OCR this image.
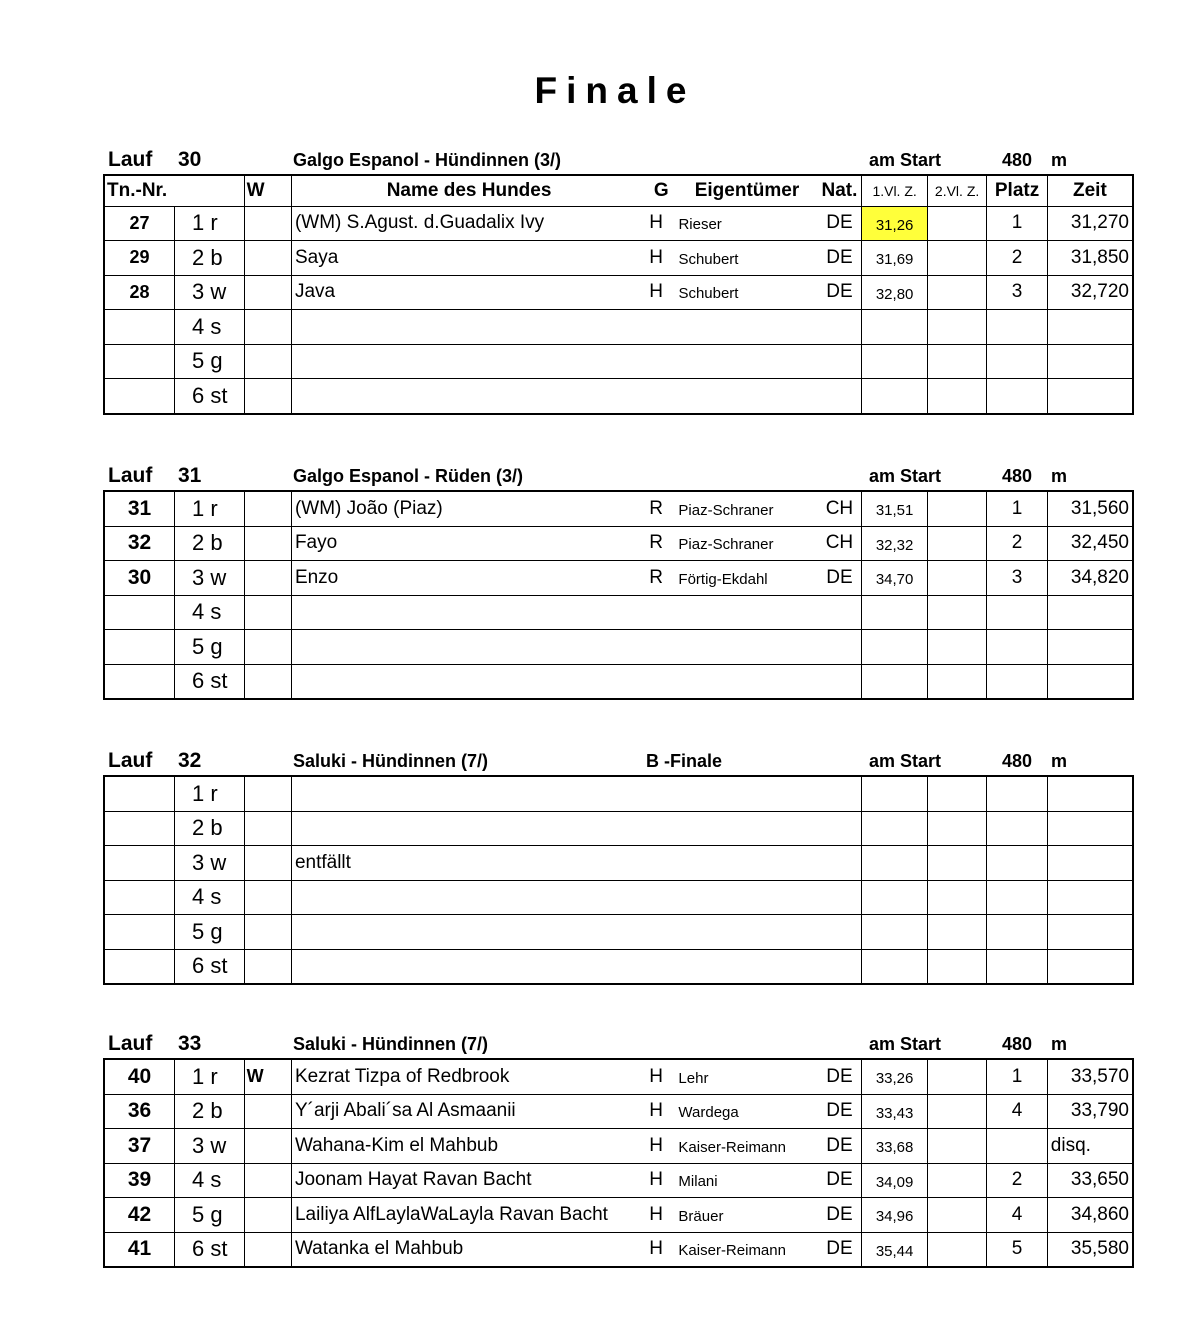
Finale
Lauf 30	Galgo Espanol - Hündinnen (3/)	am Start	480 m
Tn.-Nr.		W	Name des Hundes	G	Eigentümer	Nat.	1.Vl. Z.	2.Vl. Z.	Platz	Zeit
27	1 r		(WM) S.Agust. d.Guadalix Ivy	H	Rieser	DE	31,26		1	31,270
29	2 b		Saya	H	Schubert	DE	31,69		2	31,850
28	3 w		Java	H	Schubert	DE	32,80		3	32,720
	4 s									
	5 g									
	6 st									
Lauf 31	Galgo Espanol - Rüden (3/)	am Start	480 m
31	1 r		(WM) João (Piaz)	R	Piaz-Schraner	CH	31,51		1	31,560
32	2 b		Fayo	R	Piaz-Schraner	CH	32,32		2	32,450
30	3 w		Enzo	R	Förtig-Ekdahl	DE	34,70		3	34,820
	4 s									
	5 g									
	6 st									
Lauf 32	Saluki - Hündinnen (7/)	B -Finale	am Start	480 m
	1 r									
	2 b									
	3 w		entfällt							
	4 s									
	5 g									
	6 st									
Lauf 33	Saluki - Hündinnen (7/)	am Start	480 m
40	1 r	W	Kezrat Tizpa of Redbrook	H	Lehr	DE	33,26		1	33,570
36	2 b		Y´arji Abali´sa Al Asmaanii	H	Wardega	DE	33,43		4	33,790
37	3 w		Wahana-Kim el Mahbub	H	Kaiser-Reimann	DE	33,68			disq.
39	4 s		Joonam Hayat Ravan Bacht	H	Milani	DE	34,09		2	33,650
42	5 g		Lailiya AlfLaylaWaLayla Ravan Bacht	H	Bräuer	DE	34,96		4	34,860
41	6 st		Watanka el Mahbub	H	Kaiser-Reimann	DE	35,44		5	35,580
